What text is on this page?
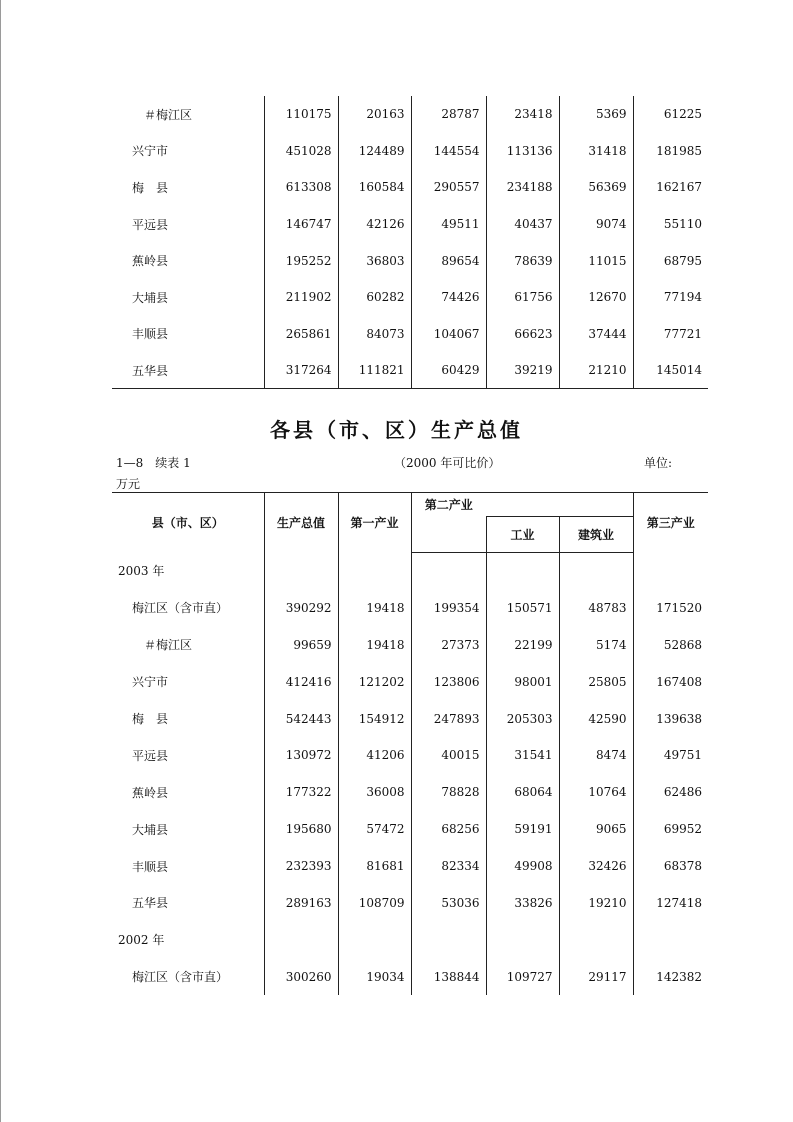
＃梅江区	110175	20163	28787	23418	5369	61225
兴宁市	451028	124489	144554	113136	31418	181985
梅　县	613308	160584	290557	234188	56369	162167
平远县	146747	42126	49511	40437	9074	55110
蕉岭县	195252	36803	89654	78639	11015	68795
大埔县	211902	60282	74426	61756	12670	77194
丰顺县	265861	84073	104067	66623	37444	77721
五华县	317264	111821	60429	39219	21210	145014
各县（市、区）生产总值
1—8　续表 1	（2000 年可比价）	单位:
万元
县（市、区）	生产总值	第一产业	第二产业			第三产业
				工业	建筑业	
2003 年						
梅江区（含市直）	390292	19418	199354	150571	48783	171520
＃梅江区	99659	19418	27373	22199	5174	52868
兴宁市	412416	121202	123806	98001	25805	167408
梅　县	542443	154912	247893	205303	42590	139638
平远县	130972	41206	40015	31541	8474	49751
蕉岭县	177322	36008	78828	68064	10764	62486
大埔县	195680	57472	68256	59191	9065	69952
丰顺县	232393	81681	82334	49908	32426	68378
五华县	289163	108709	53036	33826	19210	127418
2002 年						
梅江区（含市直）	300260	19034	138844	109727	29117	142382
